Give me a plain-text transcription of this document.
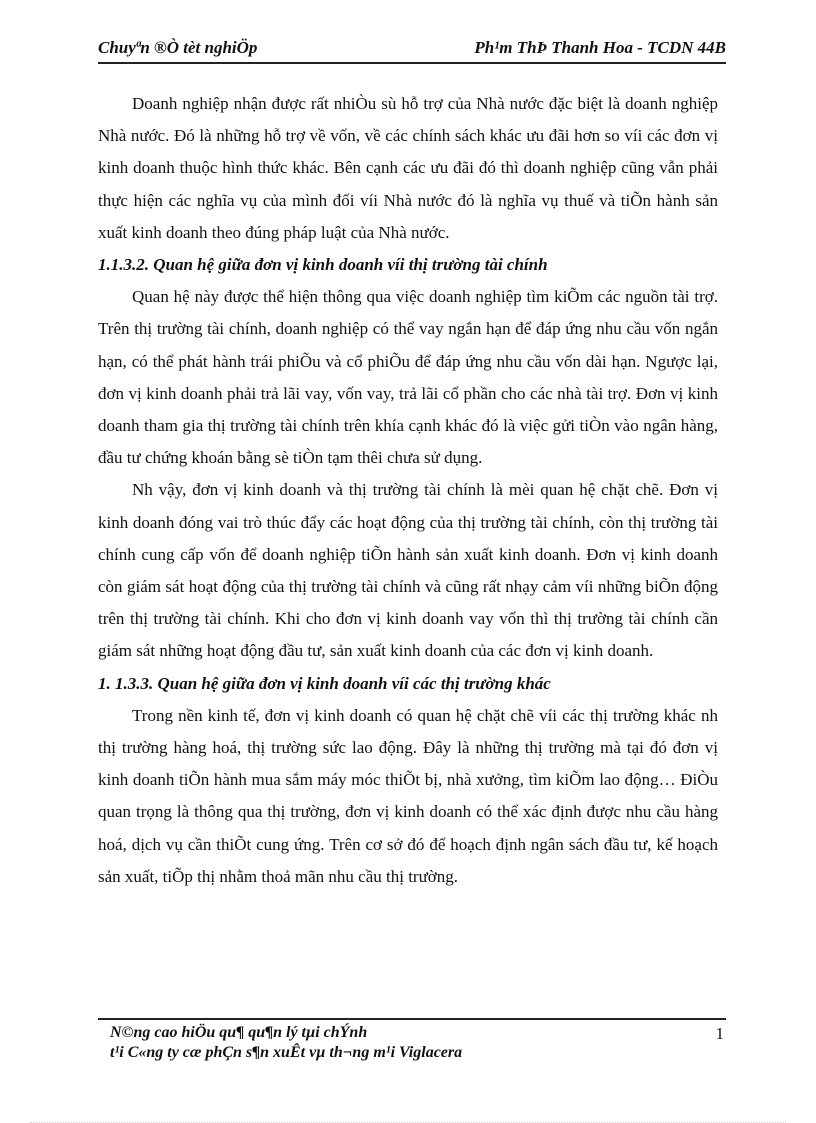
Chuyªn ®Ò tèt nghiÖp	Ph¹m ThÞ Thanh Hoa - TCDN 44B

Doanh nghiệp nhận được rất nhiÒu sù hỗ trợ của Nhà nước đặc biệt là doanh nghiệp Nhà nước. Đó là những hỗ trợ về vốn, về các chính sách khác ưu đãi hơn so víi các đơn vị kinh doanh thuộc hình thức khác. Bên cạnh các ưu đãi đó thì doanh nghiệp cũng vẫn phải thực hiện các nghĩa vụ của mình đối víi Nhà nước đó là nghĩa vụ thuế và tiÕn hành sản xuất kinh doanh theo đúng pháp luật của Nhà nước.

1.1.3.2. Quan hệ giữa đơn vị kinh doanh víi thị trường tài chính

Quan hệ này được thể hiện thông qua việc doanh nghiệp tìm kiÕm các nguồn tài trợ. Trên thị trường tài chính, doanh nghiệp có thể vay ngắn hạn để đáp ứng nhu cầu vốn ngắn hạn, có thể phát hành trái phiÕu và cổ phiÕu để đáp ứng nhu cầu vốn dài hạn. Ngược lại, đơn vị kinh doanh phải trả lãi vay, vốn vay, trả lãi cổ phần cho các nhà tài trợ. Đơn vị kinh doanh tham gia thị trường tài chính trên khía cạnh khác đó là việc gửi tiÒn vào ngân hàng, đầu tư chứng khoán bằng sè tiÒn tạm thêi chưa sử dụng.

Nh vậy, đơn vị kinh doanh và thị trường tài chính là mèi quan hệ chặt chẽ. Đơn vị kinh doanh đóng vai trò thúc đẩy các hoạt động của thị trường tài chính, còn thị trường tài chính cung cấp vốn để doanh nghiệp tiÕn hành sản xuất kinh doanh. Đơn vị kinh doanh còn giám sát hoạt động của thị trường tài chính và cũng rất nhạy cảm víi những biÕn động trên thị trường tài chính. Khi cho đơn vị kinh doanh vay vốn thì thị trường tài chính cần giám sát những hoạt động đầu tư, sản xuất kinh doanh của các đơn vị kinh doanh.

1. 1.3.3. Quan hệ giữa đơn vị kinh doanh víi các thị trường khác

Trong nền kinh tế, đơn vị kinh doanh có quan hệ chặt chẽ víi các thị trường khác nh thị trường hàng hoá, thị trường sức lao động. Đây là những thị trường mà tại đó đơn vị kinh doanh tiÕn hành mua sắm máy móc thiÕt bị, nhà xưởng, tìm kiÕm lao động… ĐiÒu quan trọng là thông qua thị trường, đơn vị kinh doanh có thể xác định được nhu cầu hàng hoá, dịch vụ cần thiÕt cung ứng. Trên cơ sở đó để hoạch định ngân sách đầu tư, kế hoạch sản xuất, tiÕp thị nhằm thoả mãn nhu cầu thị trường.

N©ng cao hiÖu qu¶ qu¶n lý tµi chÝnh
t¹i C«ng ty cæ phÇn s¶n xuÊt vµ th¬ng m¹i Viglacera
1
